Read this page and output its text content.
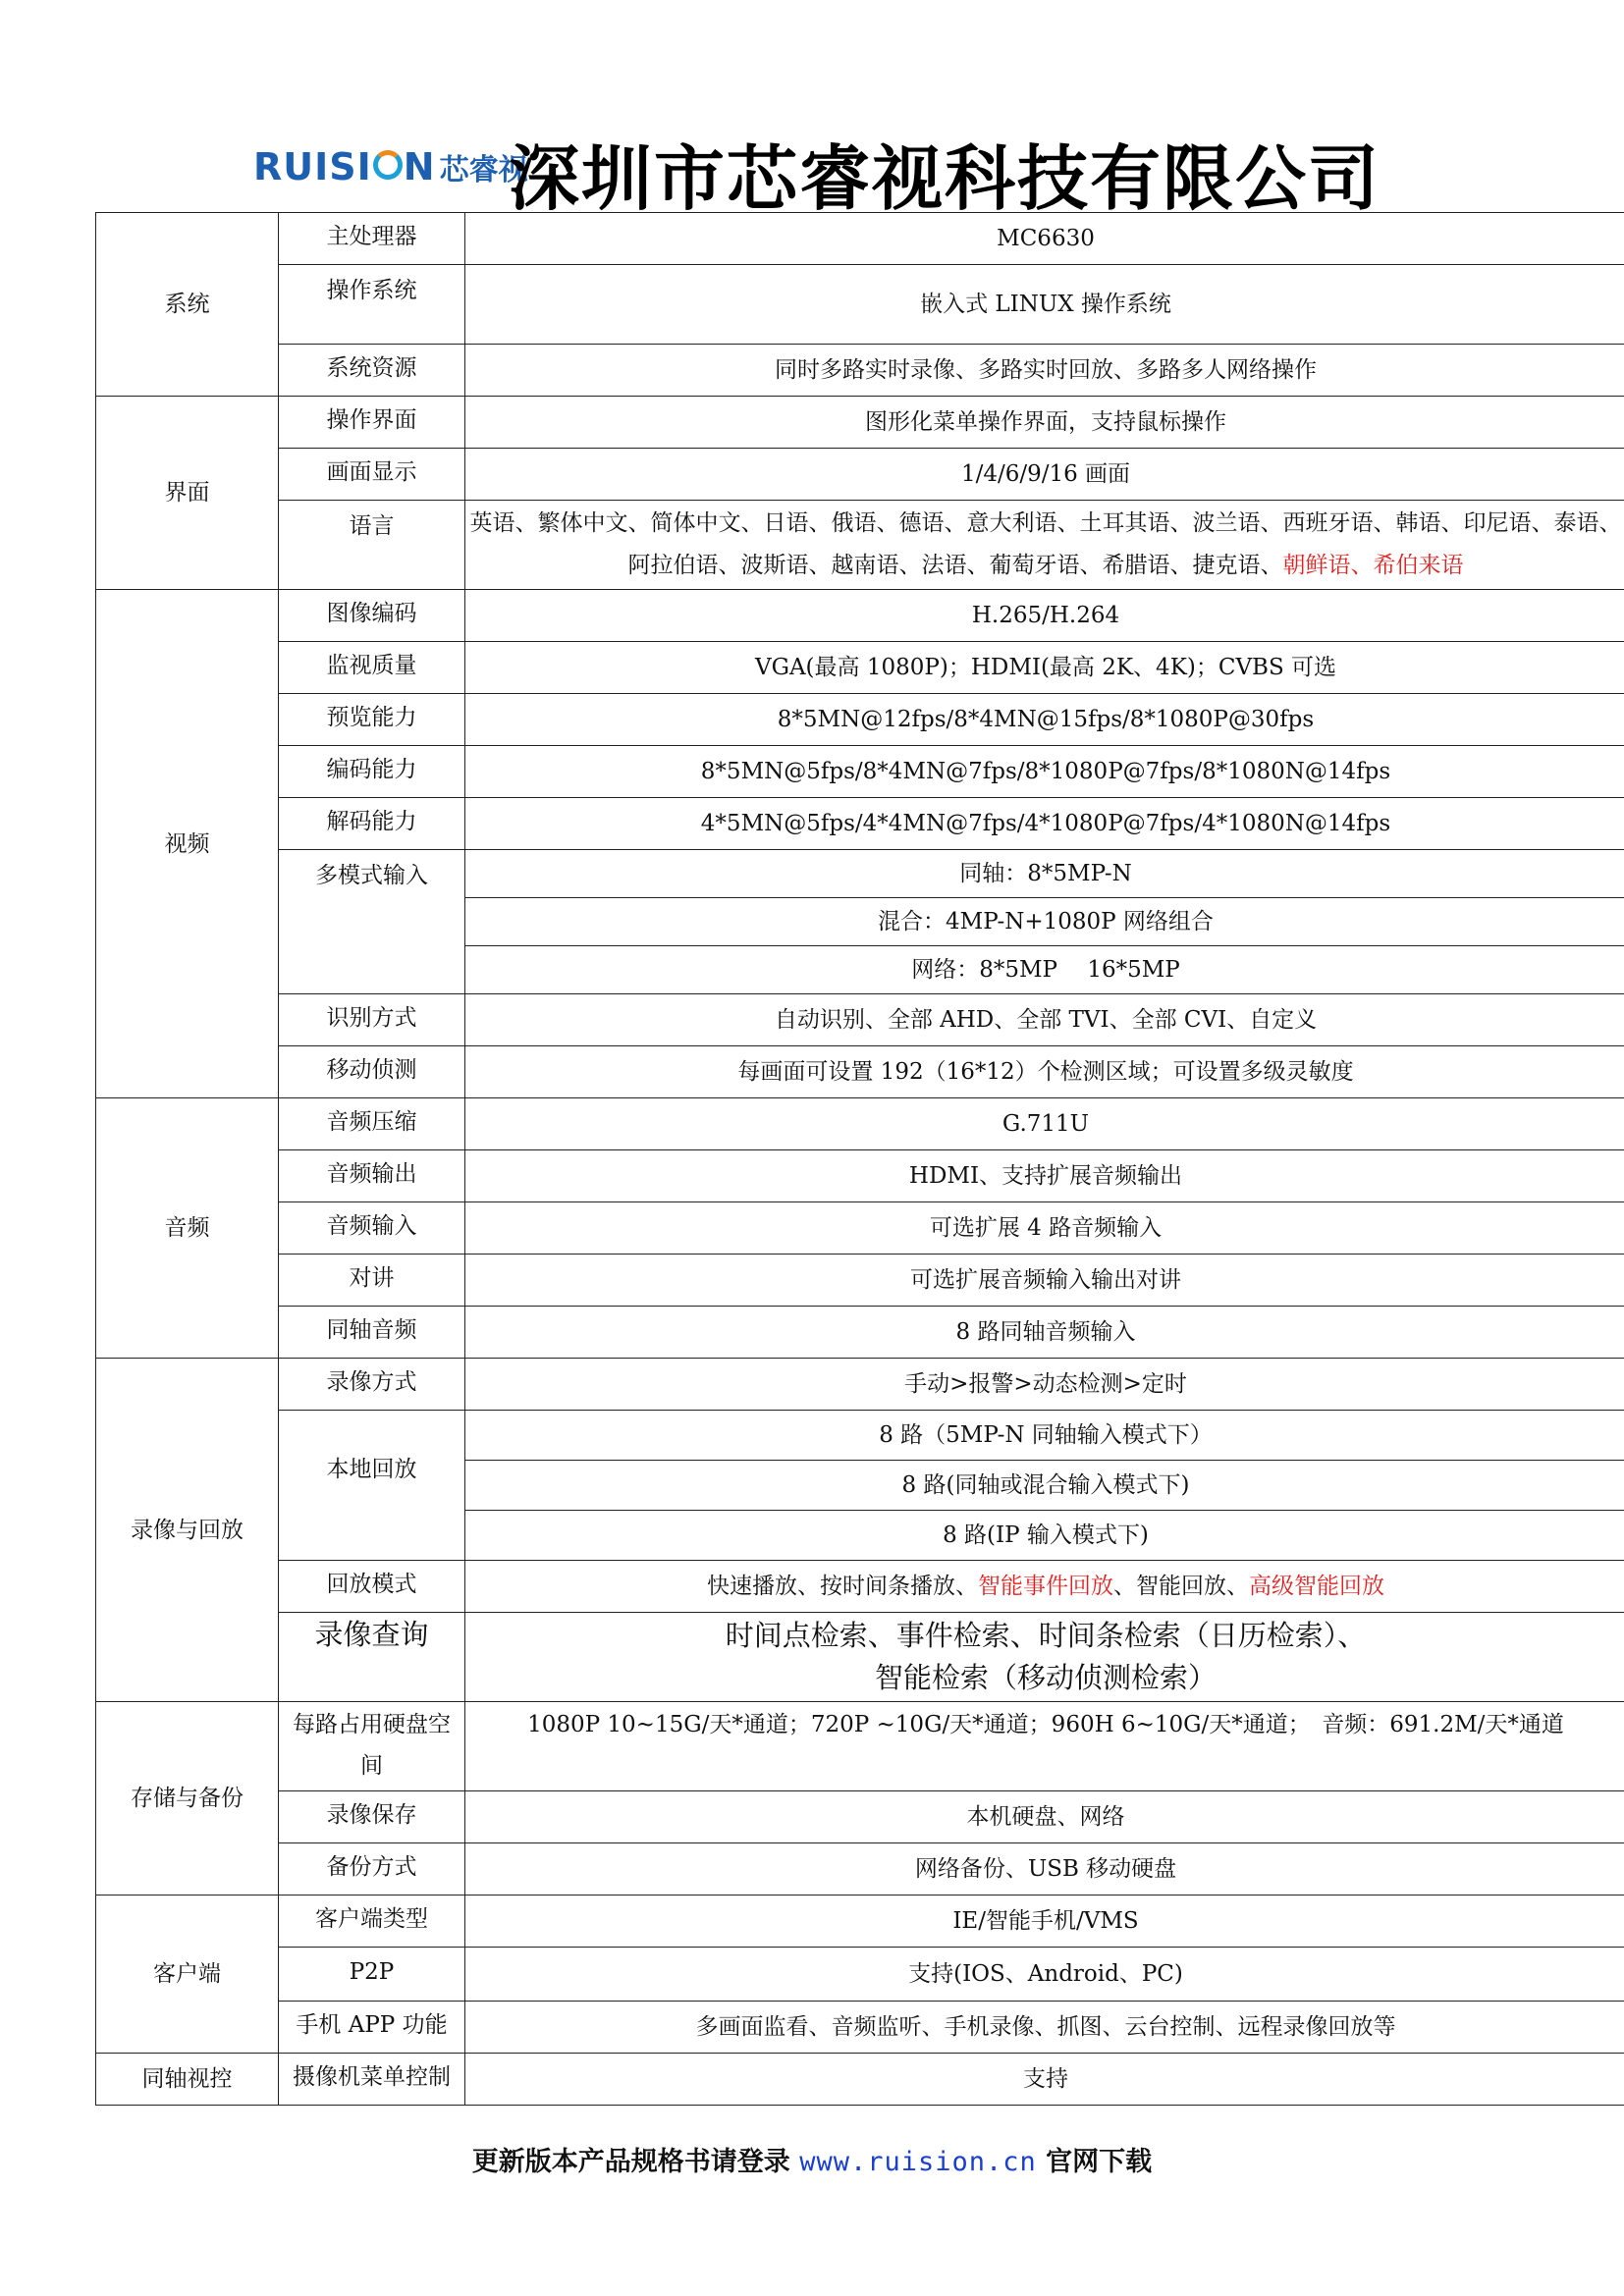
RUISI N 芯睿视
深圳市芯睿视科技有限公司
系统	主处理器	MC6630
	操作系统	嵌入式 LINUX 操作系统
	系统资源	同时多路实时录像、多路实时回放、多路多人网络操作
界面	操作界面	图形化菜单操作界面，支持鼠标操作
	画面显示	1/4/6/9/16 画面
	语言	英语、繁体中文、简体中文、日语、俄语、德语、意大利语、土耳其语、波兰语、西班牙语、韩语、印尼语、泰语、阿拉伯语、波斯语、越南语、法语、葡萄牙语、希腊语、捷克语、朝鲜语、希伯来语
视频	图像编码	H.265/H.264
	监视质量	VGA(最高 1080P)；HDMI(最高 2K、4K)；CVBS 可选
	预览能力	8*5MN@12fps/8*4MN@15fps/8*1080P@30fps
	编码能力	8*5MN@5fps/8*4MN@7fps/8*1080P@7fps/8*1080N@14fps
	解码能力	4*5MN@5fps/4*4MN@7fps/4*1080P@7fps/4*1080N@14fps
	多模式输入	同轴：8*5MP-N
		混合：4MP-N+1080P 网络组合
		网络：8*5MP　 16*5MP
	识别方式	自动识别、全部 AHD、全部 TVI、全部 CVI、自定义
	移动侦测	每画面可设置 192（16*12）个检测区域；可设置多级灵敏度
音频	音频压缩	G.711U
	音频输出	HDMI、支持扩展音频输出
	音频输入	可选扩展 4 路音频输入
	对讲	可选扩展音频输入输出对讲
	同轴音频	8 路同轴音频输入
录像与回放	录像方式	手动>报警>动态检测>定时
	本地回放	8 路（5MP-N 同轴输入模式下）
		8 路(同轴或混合输入模式下)
		8 路(IP 输入模式下)
	回放模式	快速播放、按时间条播放、智能事件回放、智能回放、高级智能回放
	录像查询	时间点检索、事件检索、时间条检索（日历检索）、
智能检索（移动侦测检索）

存储与备份	每路占用硬盘空间	1080P 10~15G/天*通道；720P ~10G/天*通道；960H 6~10G/天*通道；　音频：691.2M/天*通道
	录像保存	本机硬盘、网络
	备份方式	网络备份、USB 移动硬盘
客户端	客户端类型	IE/智能手机/VMS
	P2P	支持(IOS、Android、PC)
	手机 APP 功能	多画面监看、音频监听、手机录像、抓图、云台控制、远程录像回放等
同轴视控	摄像机菜单控制	支持
更新版本产品规格书请登录 www.ruision.cn 官网下载
